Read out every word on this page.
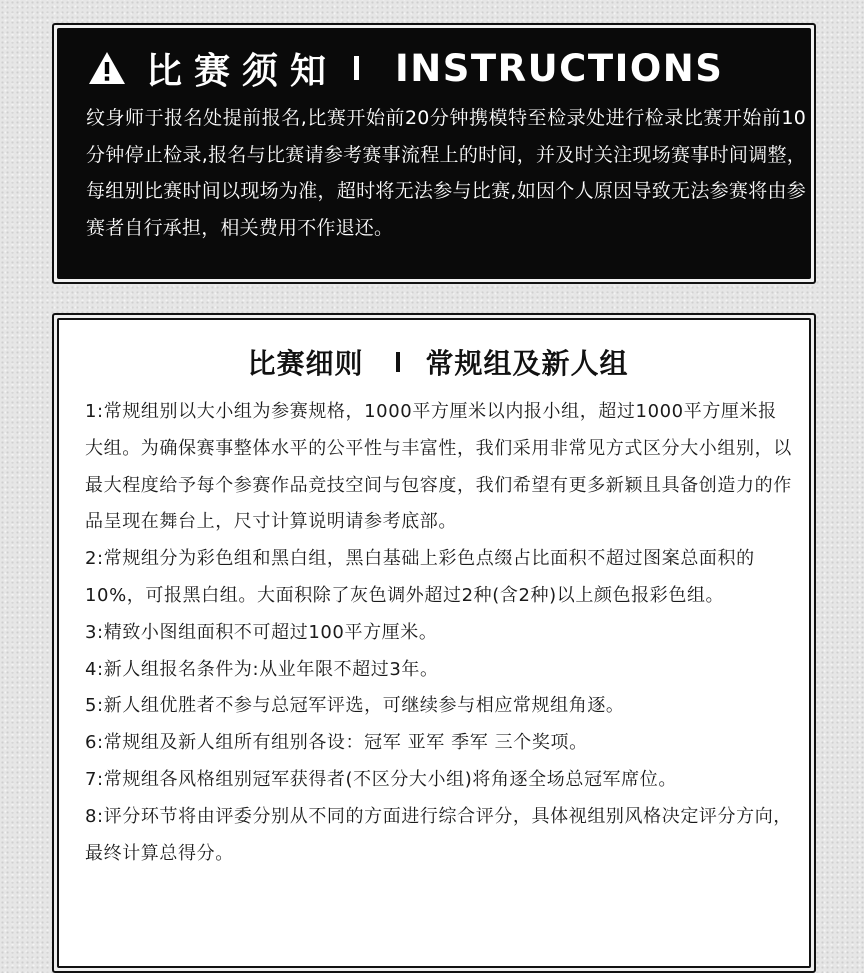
比赛须知 INSTRUCTIONS
纹身师于报名处提前报名,比赛开始前20分钟携模特至检录处进行检录比赛开始前10分钟停止检录,报名与比赛请参考赛事流程上的时间，并及时关注现场赛事时间调整，每组别比赛时间以现场为准，超时将无法参与比赛,如因个人原因导致无法参赛将由参赛者自行承担，相关费用不作退还。
比赛细则 常规组及新人组
1:常规组别以大小组为参赛规格，1000平方厘米以内报小组，超过1000平方厘米报大组。为确保赛事整体水平的公平性与丰富性，我们采用非常见方式区分大小组别，以最大程度给予每个参赛作品竞技空间与包容度，我们希望有更多新颖且具备创造力的作品呈现在舞台上，尺寸计算说明请参考底部。
2:常规组分为彩色组和黑白组，黑白基础上彩色点缀占比面积不超过图案总面积的10%，可报黑白组。大面积除了灰色调外超过2种(含2种)以上颜色报彩色组。
3:精致小图组面积不可超过100平方厘米。
4:新人组报名条件为:从业年限不超过3年。
5:新人组优胜者不参与总冠军评选，可继续参与相应常规组角逐。
6:常规组及新人组所有组别各设：冠军 亚军 季军 三个奖项。
7:常规组各风格组别冠军获得者(不区分大小组)将角逐全场总冠军席位。
8:评分环节将由评委分别从不同的方面进行综合评分，具体视组别风格决定评分方向，最终计算总得分。
